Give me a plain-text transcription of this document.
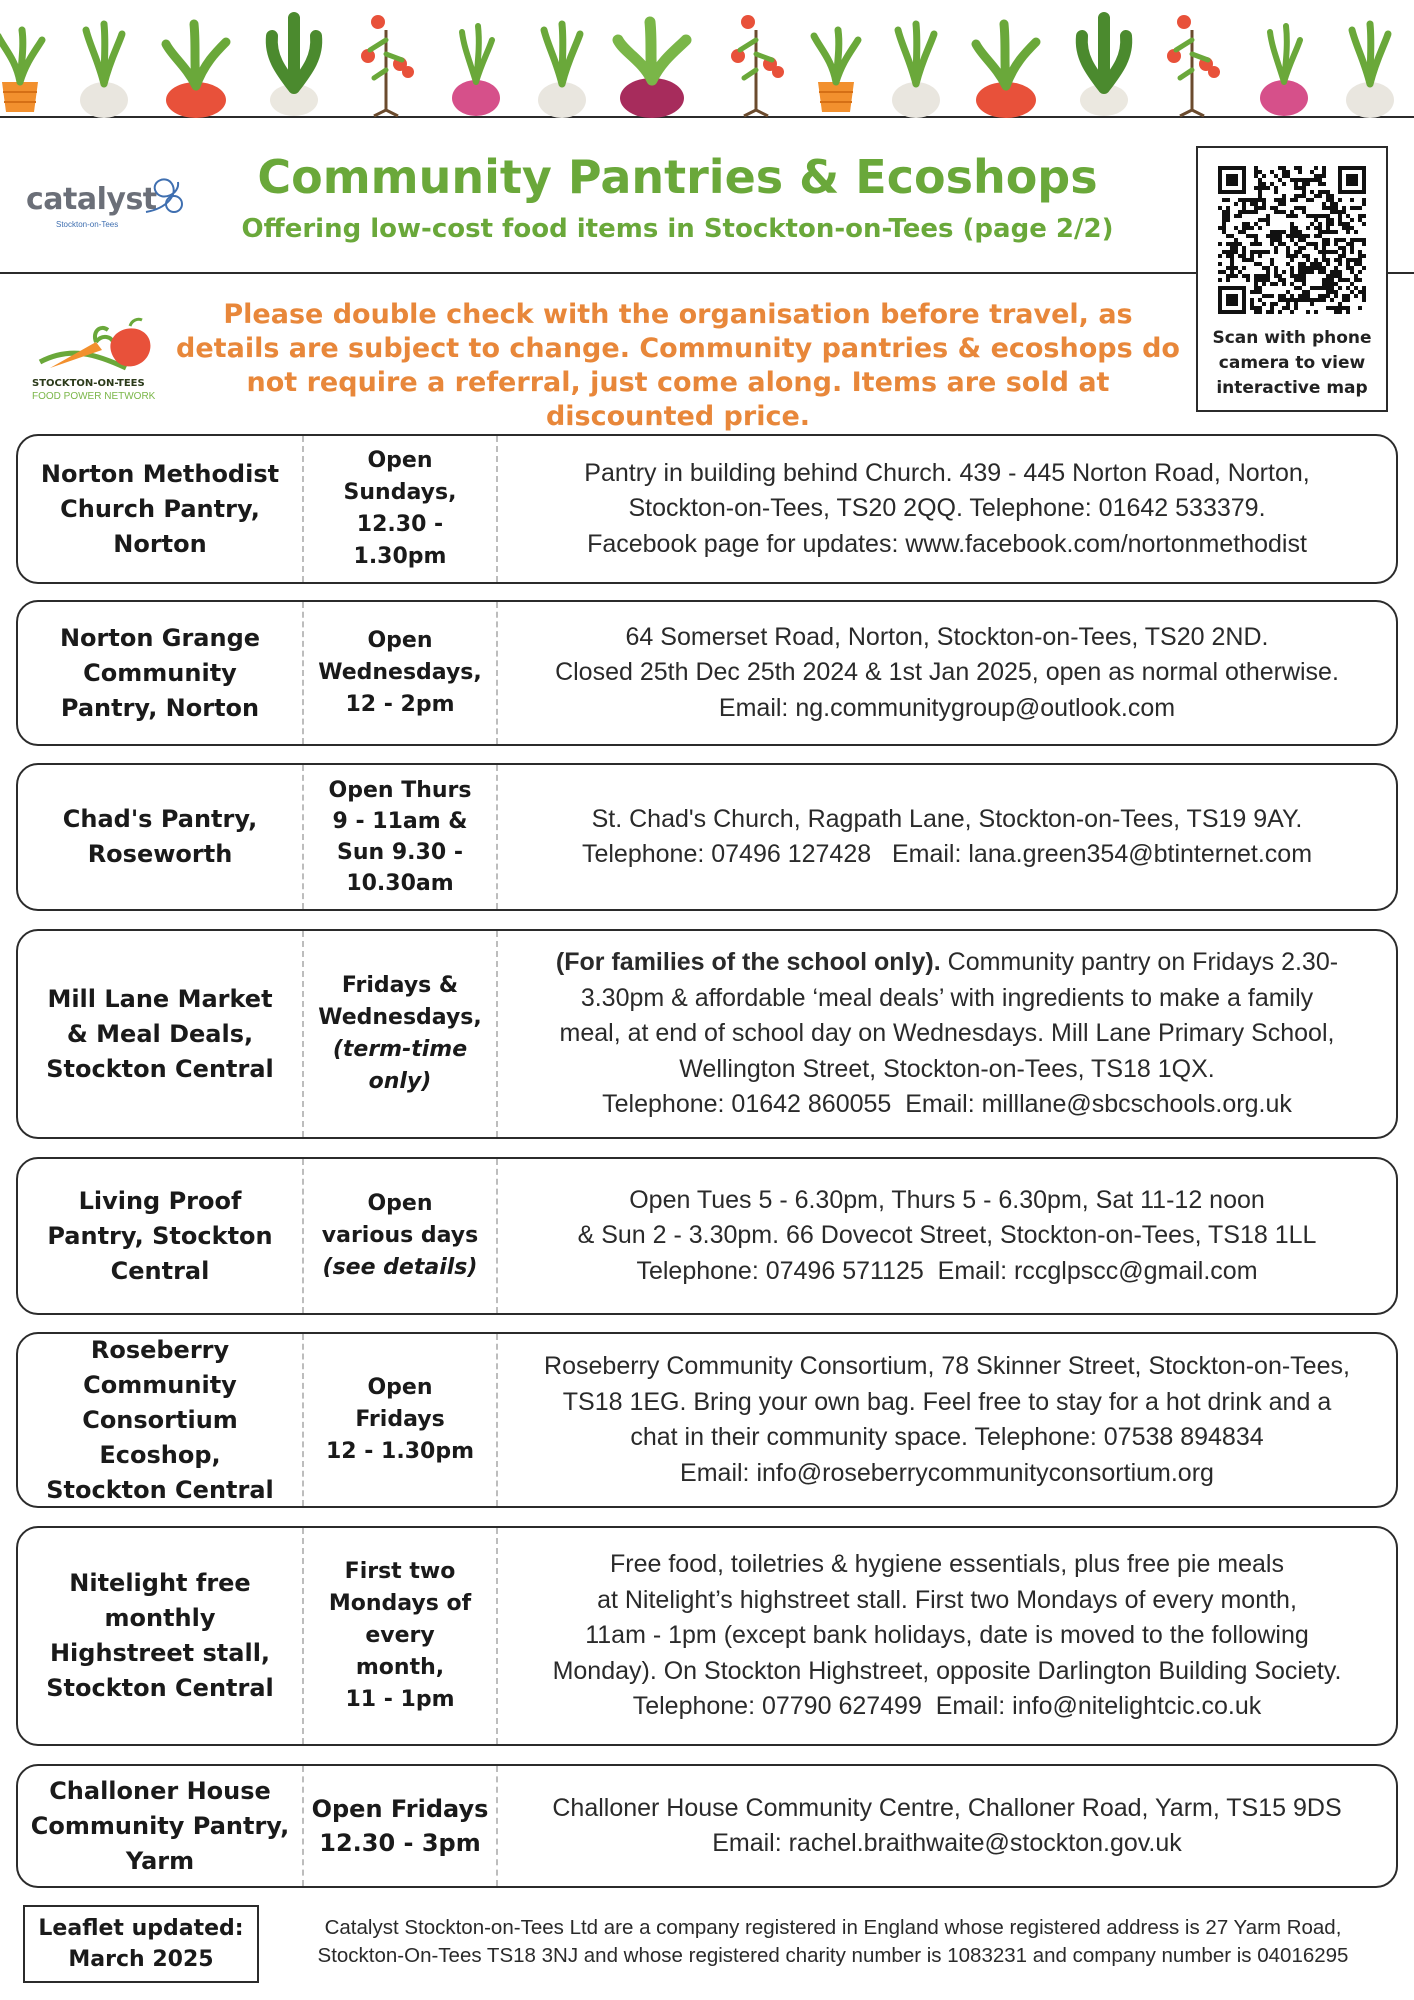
catalyst
Stockton-on-Tees
Community Pantries & Ecoshops
Offering low-cost food items in Stockton-on-Tees (page 2/2)
Scan with phone
camera to view
interactive map
STOCKTON-ON-TEES
FOOD POWER NETWORK
Please double check with the organisation before travel, as details are subject to change. Community pantries & ecoshops do not require a referral, just come along. Items are sold at discounted price.
Norton Methodist
Church Pantry,
Norton
Open
Sundays,
12.30 - 1.30pm
Pantry in building behind Church. 439 - 445 Norton Road, Norton,
Stockton-on-Tees, TS20 2QQ. Telephone: 01642 533379.
Facebook page for updates: www.facebook.com/nortonmethodist
Norton Grange
Community
Pantry, Norton
Open
Wednesdays,
12 - 2pm
64 Somerset Road, Norton, Stockton-on-Tees, TS20 2ND.
Closed 25th Dec 25th 2024 & 1st Jan 2025, open as normal otherwise.
Email: ng.communitygroup@outlook.com
Chad's Pantry,
Roseworth
Open Thurs
9 - 11am &
Sun 9.30 -
10.30am
St. Chad's Church, Ragpath Lane, Stockton-on-Tees, TS19 9AY.
Telephone: 07496 127428   Email: lana.green354@btinternet.com
Mill Lane Market
& Meal Deals,
Stockton Central
Fridays &
Wednesdays,
(term-time
only)
(For families of the school only). Community pantry on Fridays 2.30-
3.30pm & affordable ‘meal deals’ with ingredients to make a family
meal, at end of school day on Wednesdays. Mill Lane Primary School,
Wellington Street, Stockton-on-Tees, TS18 1QX.
Telephone: 01642 860055  Email: milllane@sbcschools.org.uk
Living Proof
Pantry, Stockton
Central
Open
various days
(see details)
Open Tues 5 - 6.30pm, Thurs 5 - 6.30pm, Sat 11-12 noon
& Sun 2 - 3.30pm. 66 Dovecot Street, Stockton-on-Tees, TS18 1LL
Telephone: 07496 571125  Email: rccglpscc@gmail.com
Roseberry
Community
Consortium Ecoshop,
Stockton Central
Open
Fridays
12 - 1.30pm
Roseberry Community Consortium, 78 Skinner Street, Stockton-on-Tees,
TS18 1EG. Bring your own bag. Feel free to stay for a hot drink and a
chat in their community space. Telephone: 07538 894834
Email: info@roseberrycommunityconsortium.org
Nitelight free
monthly
Highstreet stall,
Stockton Central
First two
Mondays of
every
month,
11 - 1pm
Free food, toiletries & hygiene essentials, plus free pie meals
at Nitelight’s highstreet stall. First two Mondays of every month,
11am - 1pm (except bank holidays, date is moved to the following
Monday). On Stockton Highstreet, opposite Darlington Building Society.
Telephone: 07790 627499  Email: info@nitelightcic.co.uk
Challoner House
Community Pantry,
Yarm
Open Fridays
12.30 - 3pm
Challoner House Community Centre, Challoner Road, Yarm, TS15 9DS
Email: rachel.braithwaite@stockton.gov.uk
Leaflet updated:
March 2025
Catalyst Stockton-on-Tees Ltd are a company registered in England whose registered address is 27 Yarm Road,
Stockton-On-Tees TS18 3NJ and whose registered charity number is 1083231 and company number is 04016295
